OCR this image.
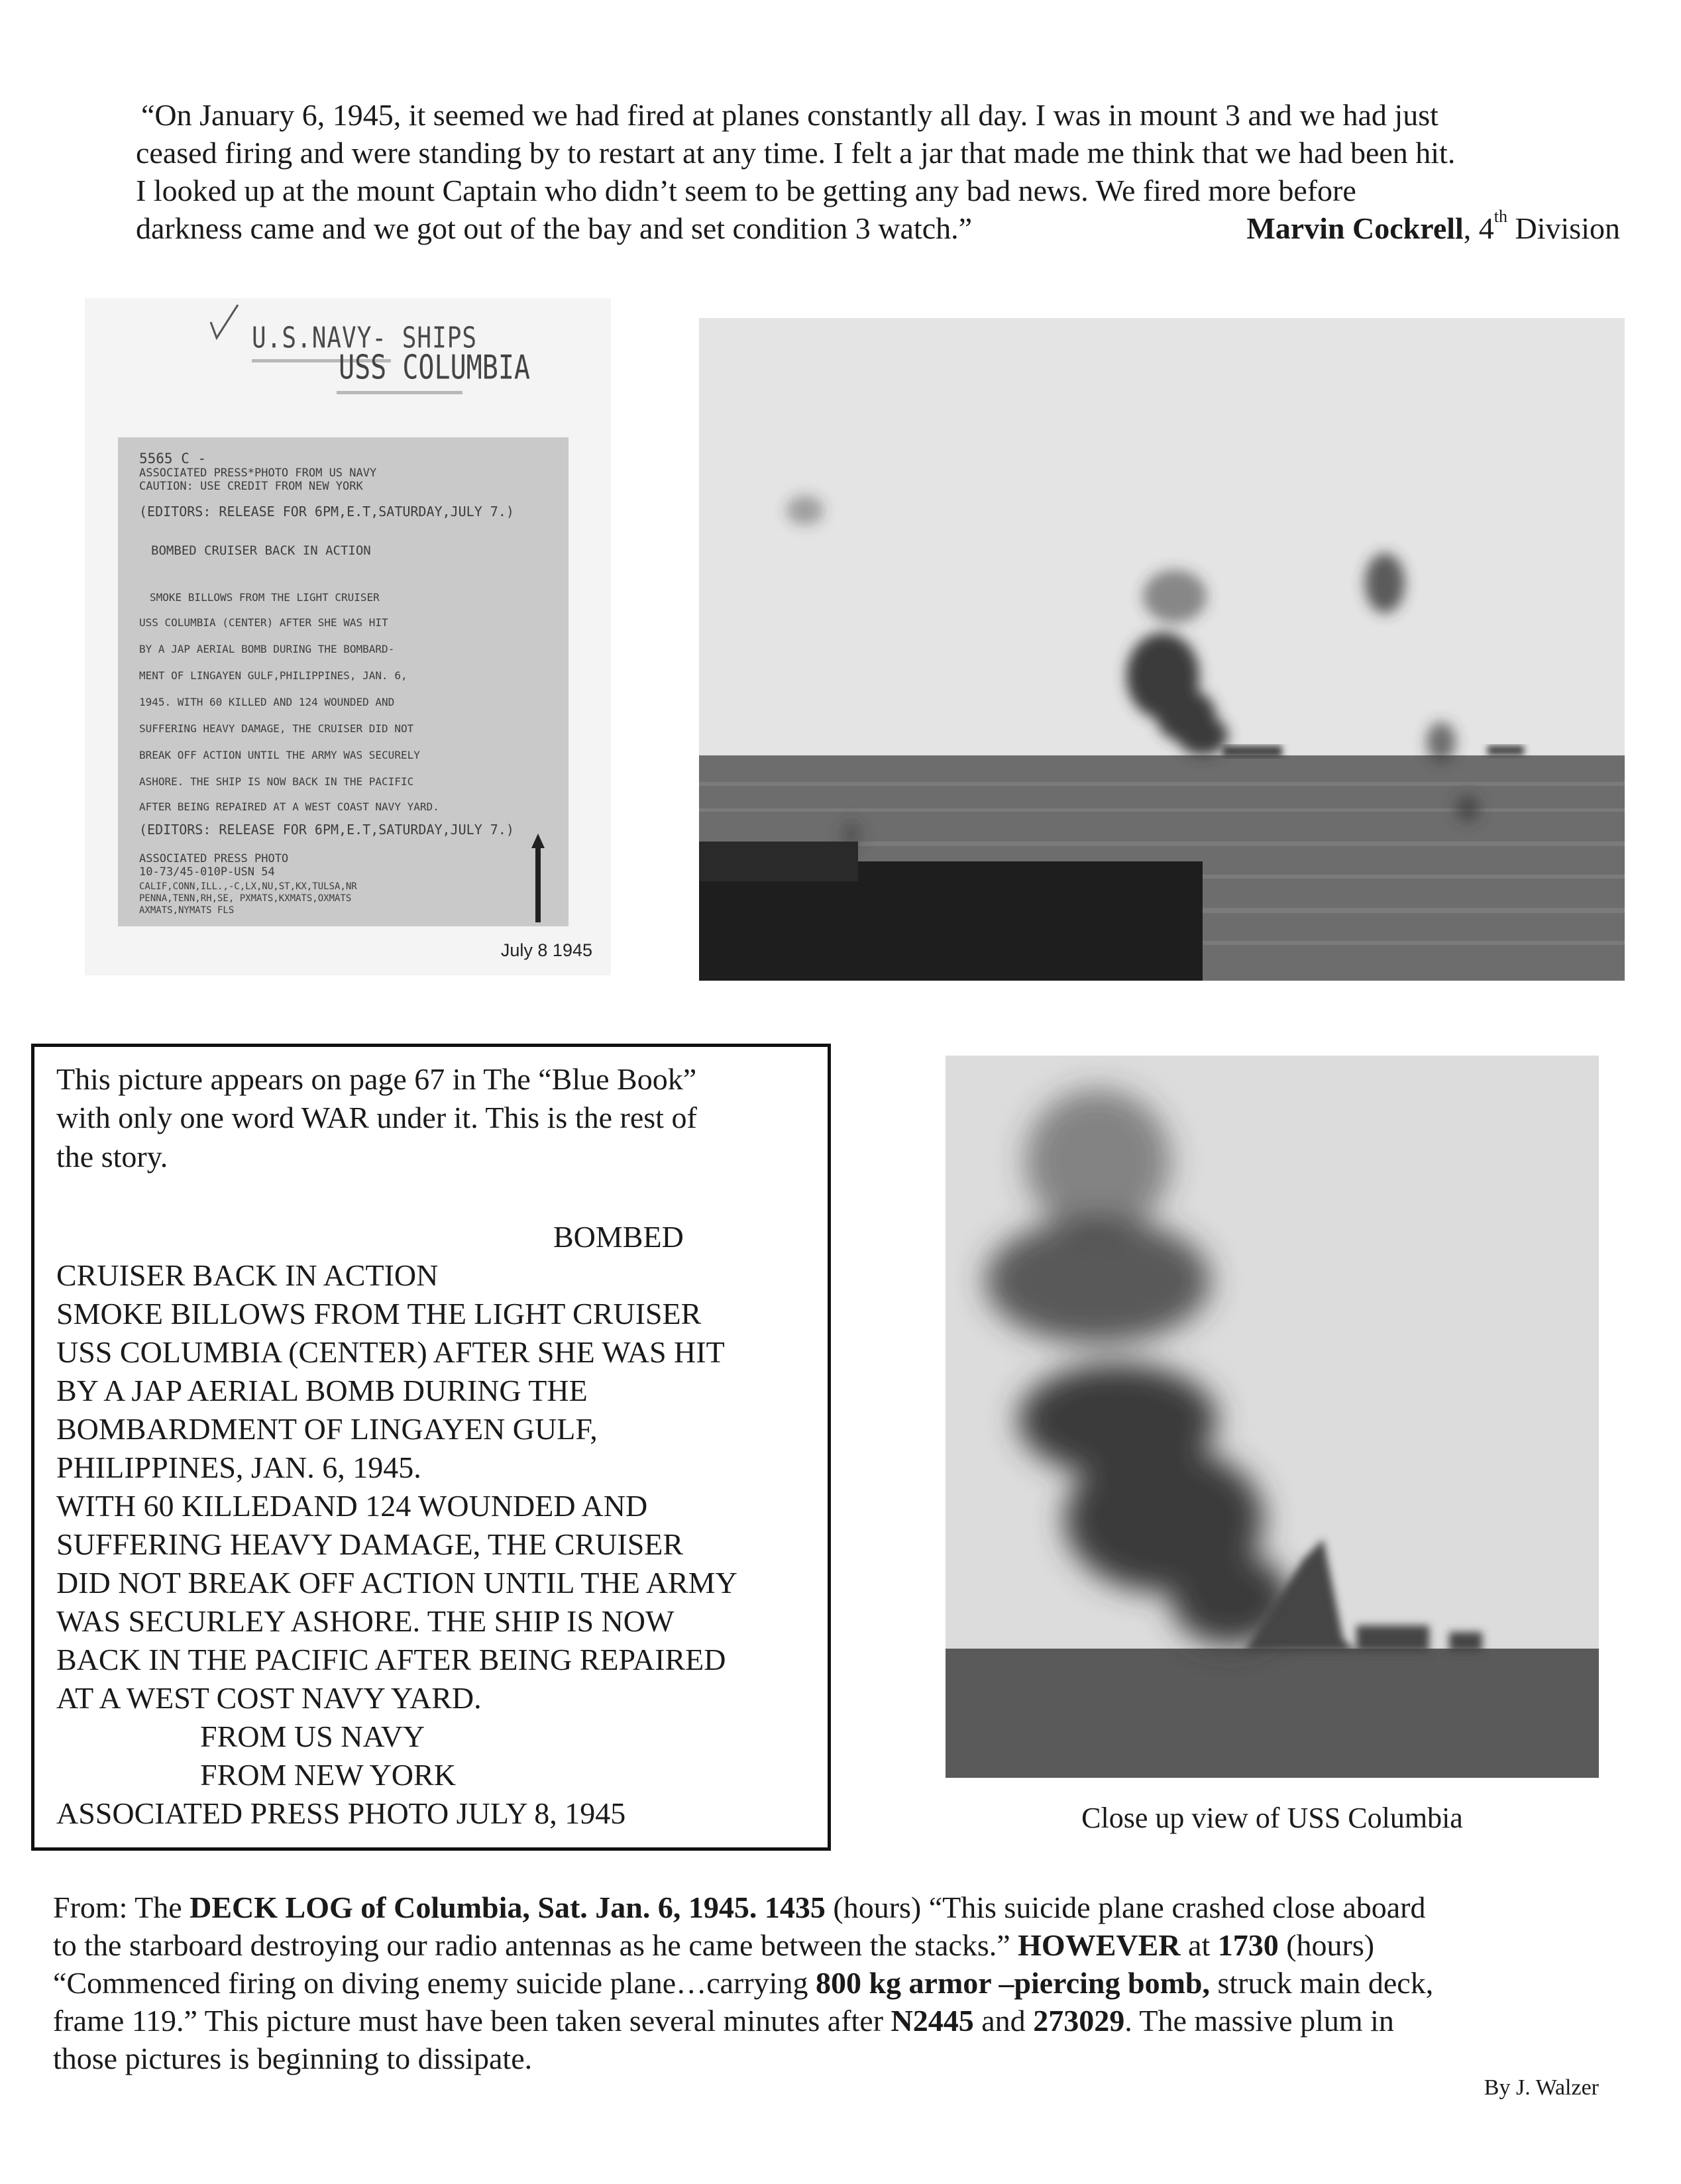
“On January 6, 1945, it seemed we had fired at planes constantly all day. I was in mount 3 and we had just
ceased firing and were standing by to restart at any time. I felt a jar that made me think that we had been hit.
I looked up at the mount Captain who didn’t seem to be getting any bad news. We fired more before
darkness came and we got out of the bay and set condition 3 watch.”	Marvin Cockrell, 4th Division
U.S.NAVY- SHIPS
USS COLUMBIA
5565 C -
ASSOCIATED PRESS*PHOTO FROM US NAVY
CAUTION: USE CREDIT FROM NEW YORK
(EDITORS: RELEASE FOR 6PM,E.T,SATURDAY,JULY 7.)
BOMBED CRUISER BACK IN ACTION
SMOKE BILLOWS FROM THE LIGHT CRUISER
USS COLUMBIA (CENTER) AFTER SHE WAS HIT
BY A JAP AERIAL BOMB DURING THE BOMBARD-
MENT OF LINGAYEN GULF,PHILIPPINES, JAN. 6,
1945. WITH 60 KILLED AND 124 WOUNDED AND
SUFFERING HEAVY DAMAGE, THE CRUISER DID NOT
BREAK OFF ACTION UNTIL THE ARMY WAS SECURELY
ASHORE. THE SHIP IS NOW BACK IN THE PACIFIC
AFTER BEING REPAIRED AT A WEST COAST NAVY YARD.
(EDITORS: RELEASE FOR 6PM,E.T,SATURDAY,JULY 7.)
ASSOCIATED PRESS PHOTO
10-73/45-010P-USN 54
CALIF,CONN,ILL.,-C,LX,NU,ST,KX,TULSA,NR
PENNA,TENN,RH,SE, PXMATS,KXMATS,OXMATS
AXMATS,NYMATS FLS
July 8 1945
This picture appears on page 67 in The “Blue Book”
with only one word WAR under it. This is the rest of
the story.
BOMBED
CRUISER BACK IN ACTION
SMOKE BILLOWS FROM THE LIGHT CRUISER
USS COLUMBIA (CENTER) AFTER SHE WAS HIT
BY A JAP AERIAL BOMB DURING THE
BOMBARDMENT OF LINGAYEN GULF,
PHILIPPINES, JAN. 6, 1945.
WITH 60 KILLEDAND 124 WOUNDED AND
SUFFERING HEAVY DAMAGE, THE CRUISER
DID NOT BREAK OFF ACTION UNTIL THE ARMY
WAS SECURLEY ASHORE. THE SHIP IS NOW
BACK IN THE PACIFIC AFTER BEING REPAIRED
AT A WEST COST NAVY YARD.
FROM US NAVY
FROM NEW YORK
ASSOCIATED PRESS PHOTO JULY 8, 1945	Close up view of USS Columbia
From: The DECK LOG of Columbia, Sat. Jan. 6, 1945. 1435 (hours) “This suicide plane crashed close aboard
to the starboard destroying our radio antennas as he came between the stacks.” HOWEVER at 1730 (hours)
“Commenced firing on diving enemy suicide plane…carrying 800 kg armor –piercing bomb, struck main deck,
frame 119.” This picture must have been taken several minutes after N2445 and 273029. The massive plum in
those pictures is beginning to dissipate.
By J. Walzer
